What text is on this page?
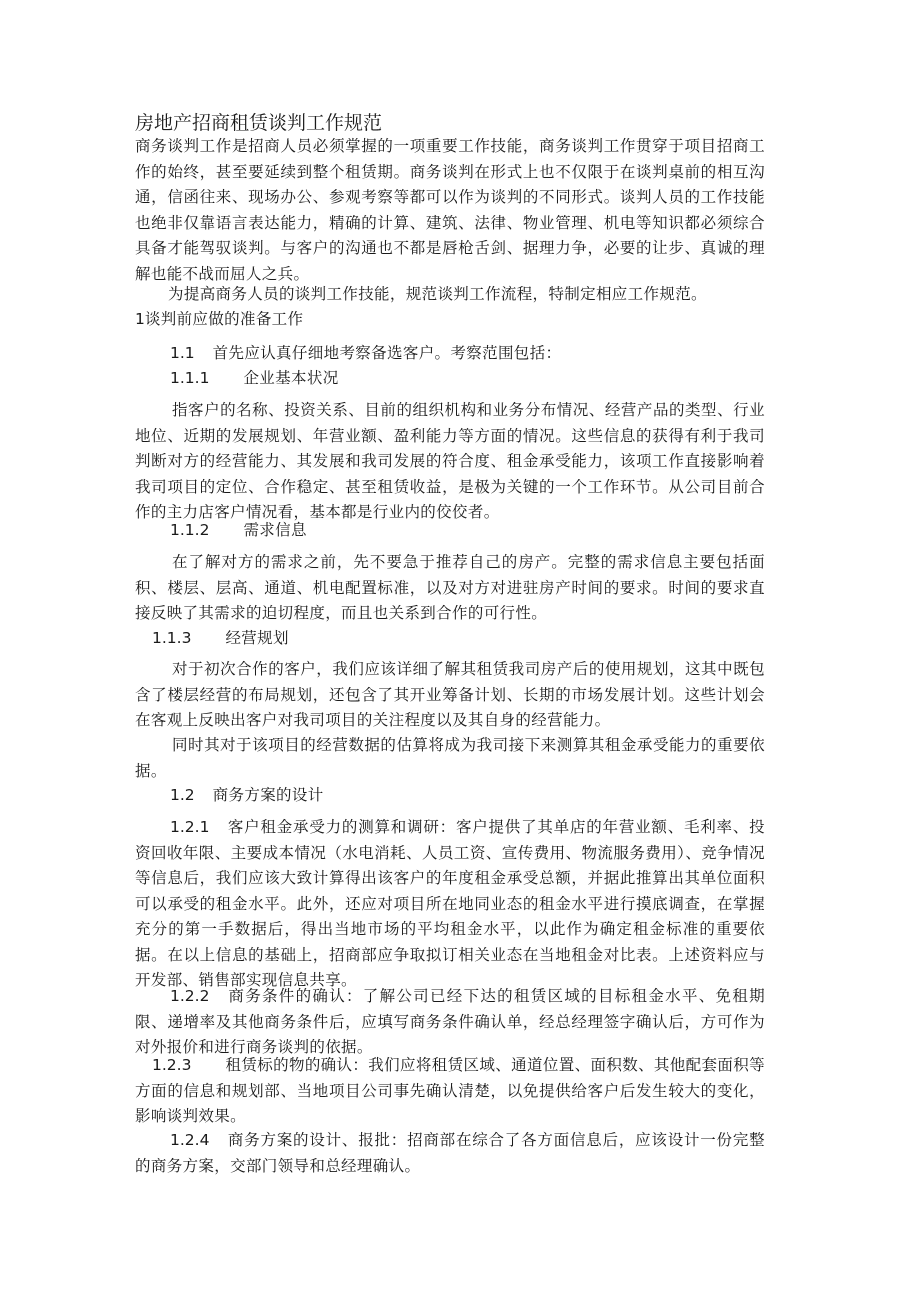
房地产招商租赁谈判工作规范

商务谈判工作是招商人员必须掌握的一项重要工作技能，商务谈判工作贯穿于项目招商工作的始终，甚至要延续到整个租赁期。商务谈判在形式上也不仅限于在谈判桌前的相互沟通，信函往来、现场办公、参观考察等都可以作为谈判的不同形式。谈判人员的工作技能也绝非仅靠语言表达能力，精确的计算、建筑、法律、物业管理、机电等知识都必须综合具备才能驾驭谈判。与客户的沟通也不都是唇枪舌剑、据理力争，必要的让步、真诚的理解也能不战而屈人之兵。

为提高商务人员的谈判工作技能，规范谈判工作流程，特制定相应工作规范。

1谈判前应做的准备工作
1.1 首先应认真仔细地考察备选客户。考察范围包括：
1.1.1 企业基本状况

指客户的名称、投资关系、目前的组织机构和业务分布情况、经营产品的类型、行业地位、近期的发展规划、年营业额、盈利能力等方面的情况。这些信息的获得有利于我司判断对方的经营能力、其发展和我司发展的符合度、租金承受能力，该项工作直接影响着我司项目的定位、合作稳定、甚至租赁收益，是极为关键的一个工作环节。从公司目前合作的主力店客户情况看，基本都是行业内的佼佼者。

1.1.2 需求信息

在了解对方的需求之前，先不要急于推荐自己的房产。完整的需求信息主要包括面积、楼层、层高、通道、机电配置标准，以及对方对进驻房产时间的要求。时间的要求直接反映了其需求的迫切程度，而且也关系到合作的可行性。

1.1.3 经营规划

对于初次合作的客户，我们应该详细了解其租赁我司房产后的使用规划，这其中既包含了楼层经营的布局规划，还包含了其开业筹备计划、长期的市场发展计划。这些计划会在客观上反映出客户对我司项目的关注程度以及其自身的经营能力。

同时其对于该项目的经营数据的估算将成为我司接下来测算其租金承受能力的重要依据。

1.2 商务方案的设计

1.2.1 客户租金承受力的测算和调研：客户提供了其单店的年营业额、毛利率、投资回收年限、主要成本情况（水电消耗、人员工资、宣传费用、物流服务费用）、竞争情况等信息后，我们应该大致计算得出该客户的年度租金承受总额，并据此推算出其单位面积可以承受的租金水平。此外，还应对项目所在地同业态的租金水平进行摸底调查，在掌握充分的第一手数据后，得出当地市场的平均租金水平，以此作为确定租金标准的重要依据。在以上信息的基础上，招商部应争取拟订相关业态在当地租金对比表。上述资料应与开发部、销售部实现信息共享。

1.2.2 商务条件的确认：了解公司已经下达的租赁区域的目标租金水平、免租期限、递增率及其他商务条件后，应填写商务条件确认单，经总经理签字确认后，方可作为对外报价和进行商务谈判的依据。

1.2.3 租赁标的物的确认：我们应将租赁区域、通道位置、面积数、其他配套面积等方面的信息和规划部、当地项目公司事先确认清楚，以免提供给客户后发生较大的变化，影响谈判效果。

1.2.4 商务方案的设计、报批：招商部在综合了各方面信息后，应该设计一份完整的商务方案，交部门领导和总经理确认。
